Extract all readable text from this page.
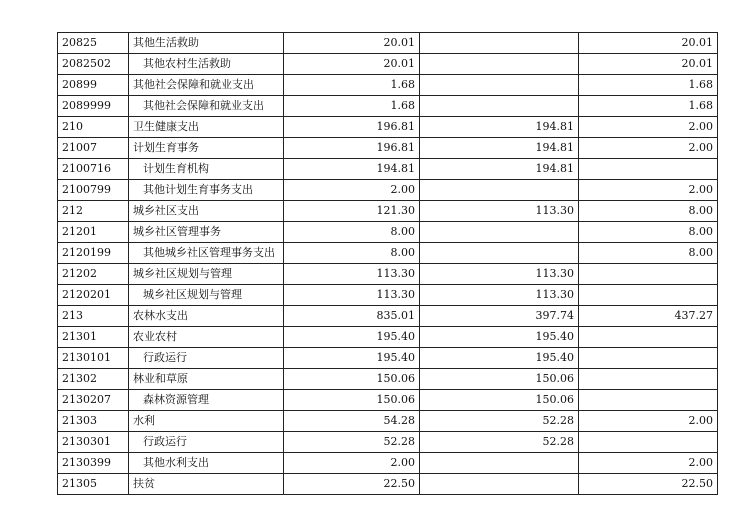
20825	其他生活救助	20.01		20.01
2082502	其他农村生活救助	20.01		20.01
20899	其他社会保障和就业支出	1.68		1.68
2089999	其他社会保障和就业支出	1.68		1.68
210	卫生健康支出	196.81	194.81	2.00
21007	计划生育事务	196.81	194.81	2.00
2100716	计划生育机构	194.81	194.81	
2100799	其他计划生育事务支出	2.00		2.00
212	城乡社区支出	121.30	113.30	8.00
21201	城乡社区管理事务	8.00		8.00
2120199	其他城乡社区管理事务支出	8.00		8.00
21202	城乡社区规划与管理	113.30	113.30	
2120201	城乡社区规划与管理	113.30	113.30	
213	农林水支出	835.01	397.74	437.27
21301	农业农村	195.40	195.40	
2130101	行政运行	195.40	195.40	
21302	林业和草原	150.06	150.06	
2130207	森林资源管理	150.06	150.06	
21303	水利	54.28	52.28	2.00
2130301	行政运行	52.28	52.28	
2130399	其他水利支出	2.00		2.00
21305	扶贫	22.50		22.50
